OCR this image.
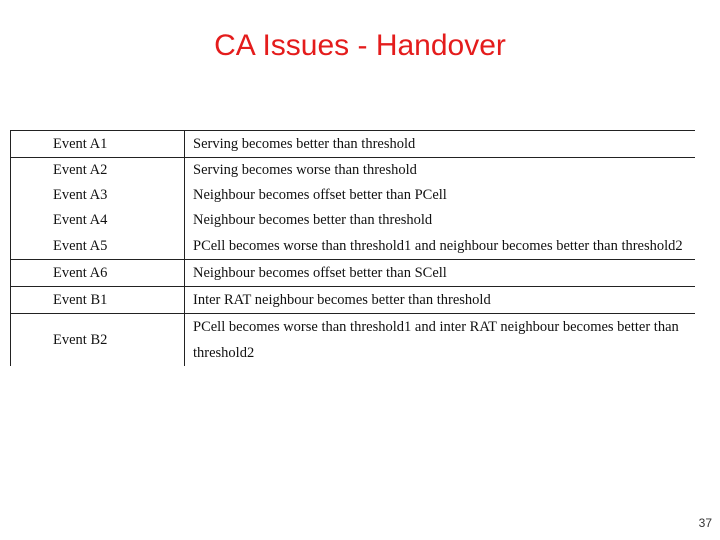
CA Issues - Handover
Event A1	Serving becomes better than threshold
Event A2	Serving becomes worse than threshold
Event A3	Neighbour becomes offset better than PCell
Event A4	Neighbour becomes better than threshold
Event A5	PCell becomes worse than threshold1 and neighbour becomes better than threshold2
Event A6	Neighbour becomes offset better than SCell
Event B1	Inter RAT neighbour becomes better than threshold
Event B2	PCell becomes worse than threshold1 and inter RAT neighbour becomes better than threshold2
37
